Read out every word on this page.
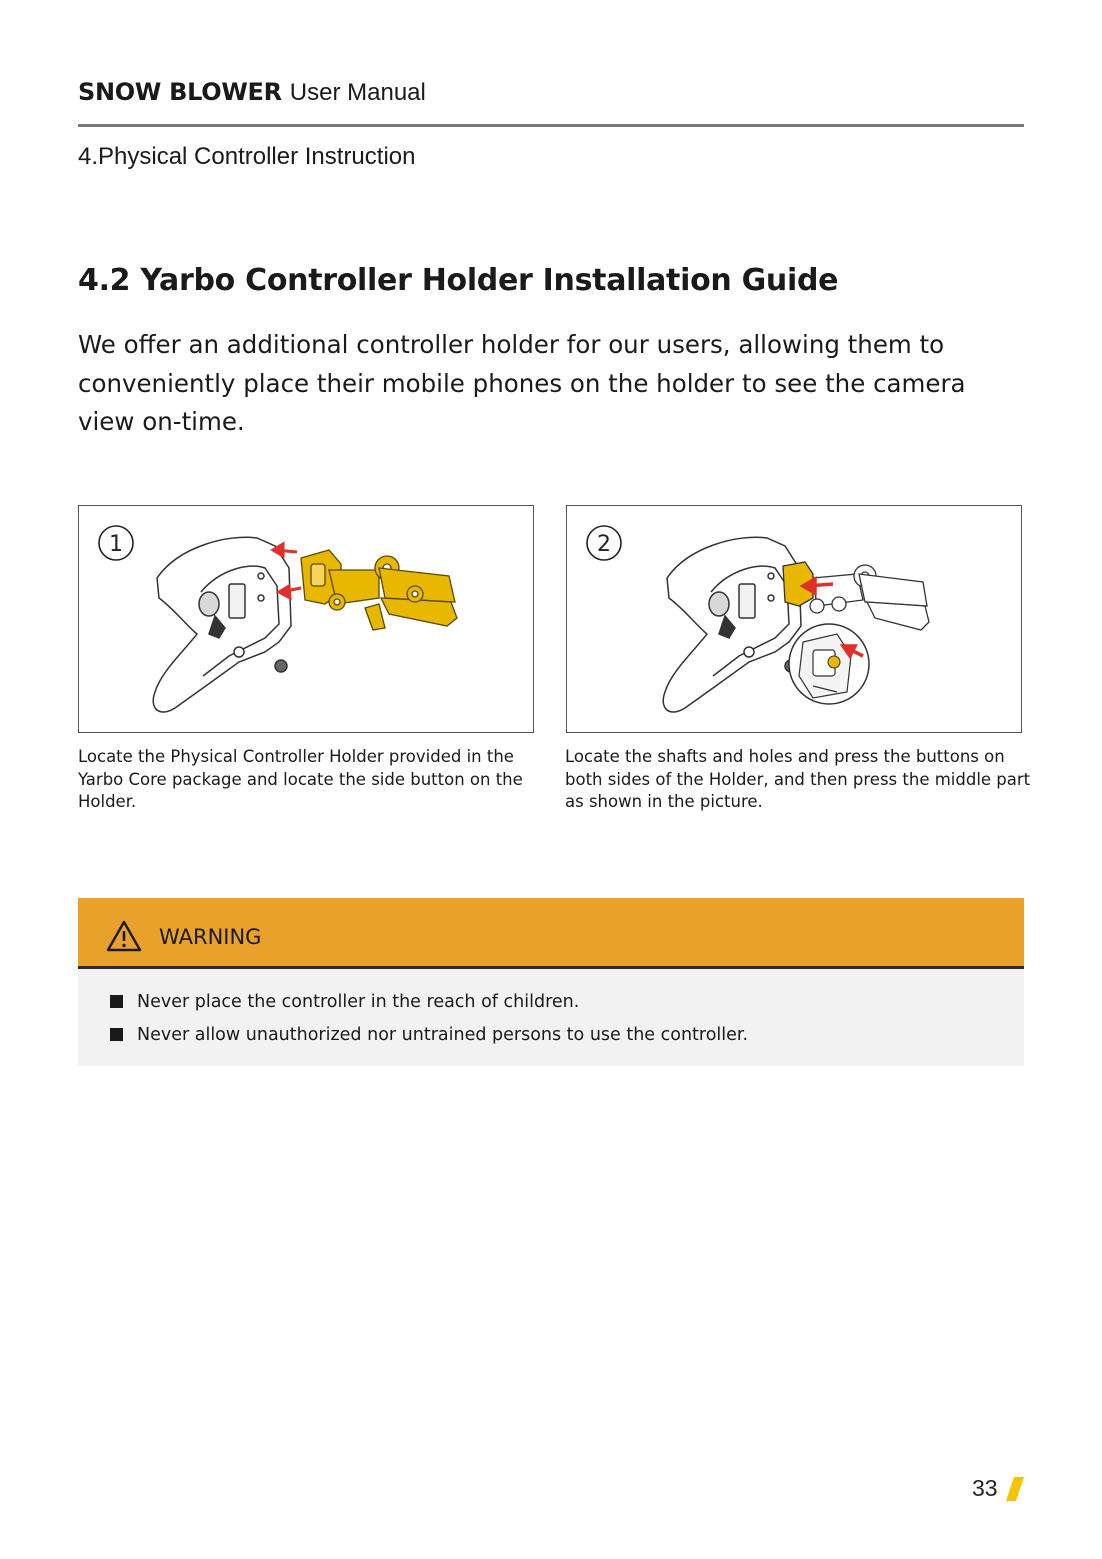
SNOW BLOWER User Manual
4.Physical Controller Instruction
4.2 Yarbo Controller Holder Installation Guide

We offer an additional controller holder for our users, allowing them to conveniently place their mobile phones on the holder to see the camera view on-time.

1	2

Locate the Physical Controller Holder provided in the Yarbo Core package and locate the side button on the Holder.

Locate the shafts and holes and press the buttons on both sides of the Holder, and then press the middle part as shown in the picture.

WARNING
Never place the controller in the reach of children.
Never allow unauthorized nor untrained persons to use the controller.
33
